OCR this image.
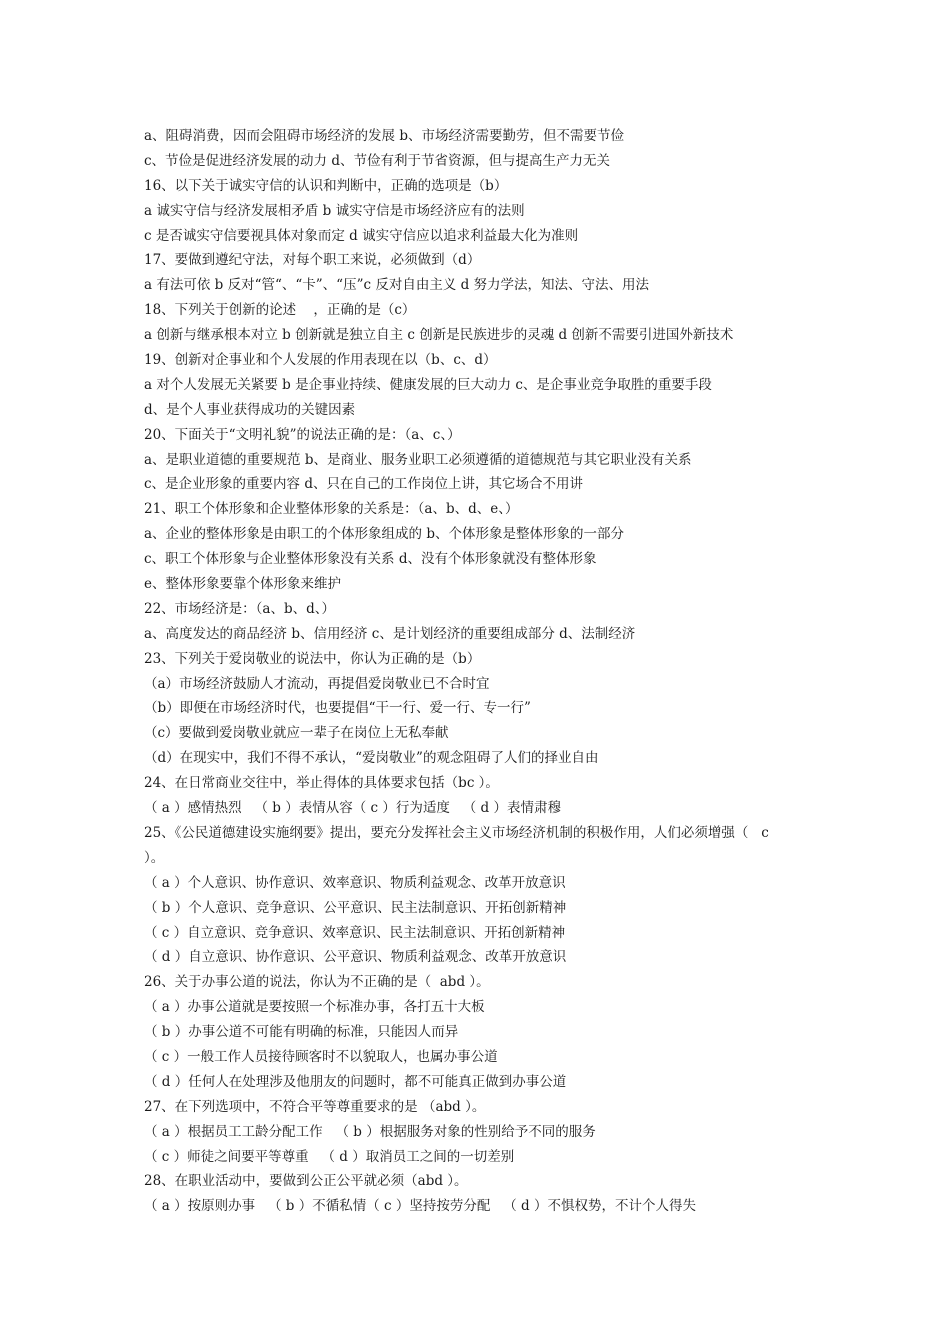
a、阻碍消费，因而会阻碍市场经济的发展 b、市场经济需要勤劳，但不需要节俭
c、节俭是促进经济发展的动力 d、节俭有利于节省资源，但与提高生产力无关
16、以下关于诚实守信的认识和判断中，正确的选项是（b）
a 诚实守信与经济发展相矛盾 b 诚实守信是市场经济应有的法则
c 是否诚实守信要视具体对象而定 d 诚实守信应以追求利益最大化为准则
17、要做到遵纪守法，对每个职工来说，必须做到（d）
a 有法可依 b 反对“管“、“卡”、“压”c 反对自由主义 d 努力学法，知法、守法、用法
18、下列关于创新的论述    ，正确的是（c）
a 创新与继承根本对立 b 创新就是独立自主 c 创新是民族进步的灵魂 d 创新不需要引进国外新技术
19、创新对企事业和个人发展的作用表现在以（b、c、d）
a 对个人发展无关紧要 b 是企事业持续、健康发展的巨大动力 c、是企事业竞争取胜的重要手段
d、是个人事业获得成功的关键因素
20、下面关于“文明礼貌”的说法正确的是：（a、c、）
a、是职业道德的重要规范 b、是商业、服务业职工必须遵循的道德规范与其它职业没有关系
c、是企业形象的重要内容 d、只在自己的工作岗位上讲，其它场合不用讲
21、职工个体形象和企业整体形象的关系是：（a、b、d、e、）
a、企业的整体形象是由职工的个体形象组成的 b、个体形象是整体形象的一部分
c、职工个体形象与企业整体形象没有关系 d、没有个体形象就没有整体形象
e、整体形象要靠个体形象来维护
22、市场经济是：（a、b、d、）
a、高度发达的商品经济 b、信用经济 c、是计划经济的重要组成部分 d、法制经济
23、下列关于爱岗敬业的说法中，你认为正确的是（b）
（a）市场经济鼓励人才流动，再提倡爱岗敬业已不合时宜
（b）即便在市场经济时代，也要提倡“干一行、爱一行、专一行”
（c）要做到爱岗敬业就应一辈子在岗位上无私奉献
（d）在现实中，我们不得不承认，“爱岗敬业”的观念阻碍了人们的择业自由
24、在日常商业交往中，举止得体的具体要求包括（bc ）。
（ a ）感情热烈   （ b ）表情从容（ c ）行为适度   （ d ）表情肃穆
25、《公民道德建设实施纲要》提出，要充分发挥社会主义市场经济机制的积极作用，人们必须增强（   c
）。
（ a ）个人意识、协作意识、效率意识、物质利益观念、改革开放意识
（ b ）个人意识、竞争意识、公平意识、民主法制意识、开拓创新精神
（ c ）自立意识、竞争意识、效率意识、民主法制意识、开拓创新精神
（ d ）自立意识、协作意识、公平意识、物质利益观念、改革开放意识
26、关于办事公道的说法，你认为不正确的是（  abd ）。
（ a ）办事公道就是要按照一个标准办事，各打五十大板
（ b ）办事公道不可能有明确的标准，只能因人而异
（ c ）一般工作人员接待顾客时不以貌取人，也属办事公道
（ d ）任何人在处理涉及他朋友的问题时，都不可能真正做到办事公道
27、在下列选项中，不符合平等尊重要求的是 （abd ）。
（ a ）根据员工工龄分配工作   （ b ）根据服务对象的性别给予不同的服务
（ c ）师徒之间要平等尊重   （ d ）取消员工之间的一切差别
28、在职业活动中，要做到公正公平就必须（abd ）。
（ a ）按原则办事   （ b ）不循私情（ c ）坚持按劳分配   （ d ）不惧权势，不计个人得失
